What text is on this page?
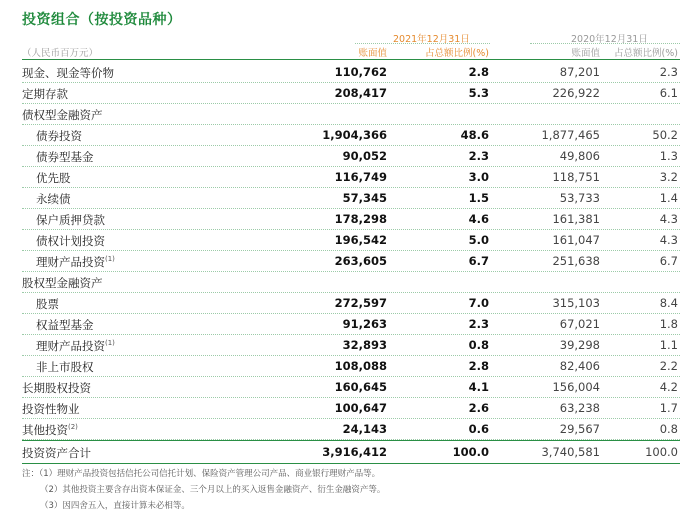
投资组合（按投资品种）
2021年12月31日	2020年12月31日
（人民币百万元）	账面值	占总额比例(%)	账面值 占总额比例(%)
现金、现金等价物	110,762	2.8	87,201	2.3
定期存款	208,417	5.3	226,922	6.1
债权型金融资产
债券投资	1,904,366	48.6	1,877,465	50.2
债券型基金	90,052	2.3	49,806	1.3
优先股	116,749	3.0	118,751	3.2
永续债	57,345	1.5	53,733	1.4
保户质押贷款	178,298	4.6	161,381	4.3
债权计划投资	196,542	5.0	161,047	4.3
理财产品投资$^{(1)}$	263,605	6.7	251,638	6.7
股权型金融资产
股票	272,597	7.0	315,103	8.4
权益型基金	91,263	2.3	67,021	1.8
理财产品投资$^{(1)}$	32,893	0.8	39,298	1.1
非上市股权	108,088	2.8	82,406	2.2
长期股权投资	160,645	4.1	156,004	4.2
投资性物业	100,647	2.6	63,238	1.7
其他投资$^{(2)}$	24,143	0.6	29,567	0.8
投资资产合计	3,916,412	100.0	3,740,581	100.0
注：（1）理财产品投资包括信托公司信托计划、保险资产管理公司产品、商业银行理财产品等。
（2）其他投资主要含存出资本保证金、三个月以上的买入返售金融资产、衍生金融资产等。
（3）因四舍五入，直接计算未必相等。
